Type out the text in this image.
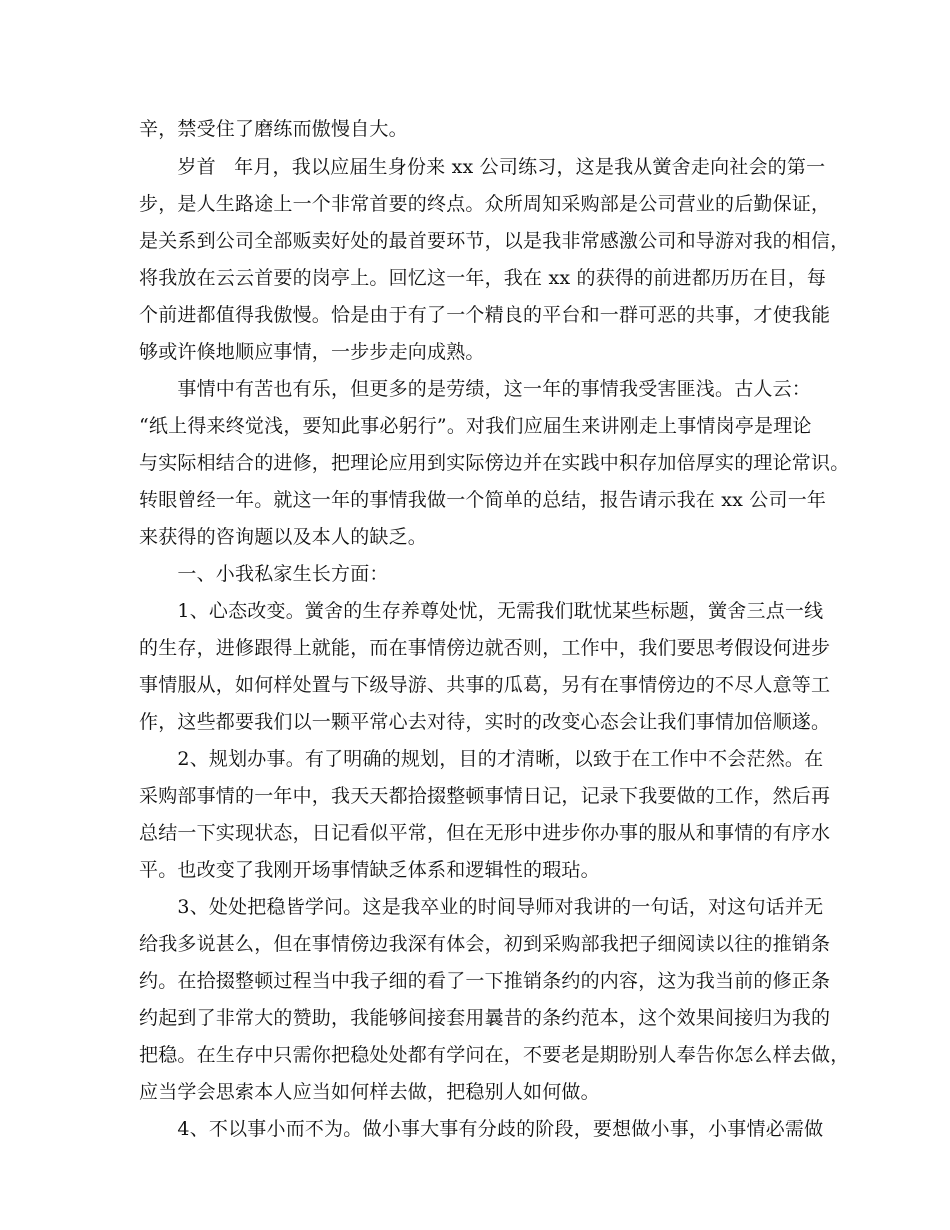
辛，禁受住了磨练而傲慢自大。
　　岁首ᅠ年月，我以应届生身份来 xx 公司练习，这是我从黉舍走向社会的第一
步，是人生路途上一个非常首要的终点。众所周知采购部是公司营业的后勤保证，
是关系到公司全部贩卖好处的最首要环节，以是我非常感激公司和导游对我的相信，
将我放在云云首要的岗亭上。回忆这一年，我在 xx 的获得的前进都历历在目，每
个前进都值得我傲慢。恰是由于有了一个精良的平台和一群可恶的共事，才使我能
够或许倏地顺应事情，一步步走向成熟。
　　事情中有苦也有乐，但更多的是劳绩，这一年的事情我受害匪浅。古人云：
“纸上得来终觉浅，要知此事必躬行”。对我们应届生来讲刚走上事情岗亭是理论
与实际相结合的进修，把理论应用到实际傍边并在实践中积存加倍厚实的理论常识。
转眼曾经一年。就这一年的事情我做一个简单的总结，报告请示我在 xx 公司一年
来获得的咨询题以及本人的缺乏。
　　一、小我私家生长方面：
　　1、心态改变。黉舍的生存养尊处忧，无需我们耽忧某些标题，黉舍三点一线
的生存，进修跟得上就能，而在事情傍边就否则，工作中，我们要思考假设何进步
事情服从，如何样处置与下级导游、共事的瓜葛，另有在事情傍边的不尽人意等工
作，这些都要我们以一颗平常心去对待，实时的改变心态会让我们事情加倍顺遂。
　　2、规划办事。有了明确的规划，目的才清晰，以致于在工作中不会茫然。在
采购部事情的一年中，我天天都拾掇整顿事情日记，记录下我要做的工作，然后再
总结一下实现状态，日记看似平常，但在无形中进步你办事的服从和事情的有序水
平。也改变了我刚开场事情缺乏体系和逻辑性的瑕玷。
　　3、处处把稳皆学问。这是我卒业的时间导师对我讲的一句话，对这句话并无
给我多说甚么，但在事情傍边我深有体会，初到采购部我把子细阅读以往的推销条
约。在拾掇整顿过程当中我子细的看了一下推销条约的内容，这为我当前的修正条
约起到了非常大的赞助，我能够间接套用曩昔的条约范本，这个效果间接归为我的
把稳。在生存中只需你把稳处处都有学问在，不要老是期盼别人奉告你怎么样去做，
应当学会思索本人应当如何样去做，把稳别人如何做。
　　4、不以事小而不为。做小事大事有分歧的阶段，要想做小事，小事情必需做
